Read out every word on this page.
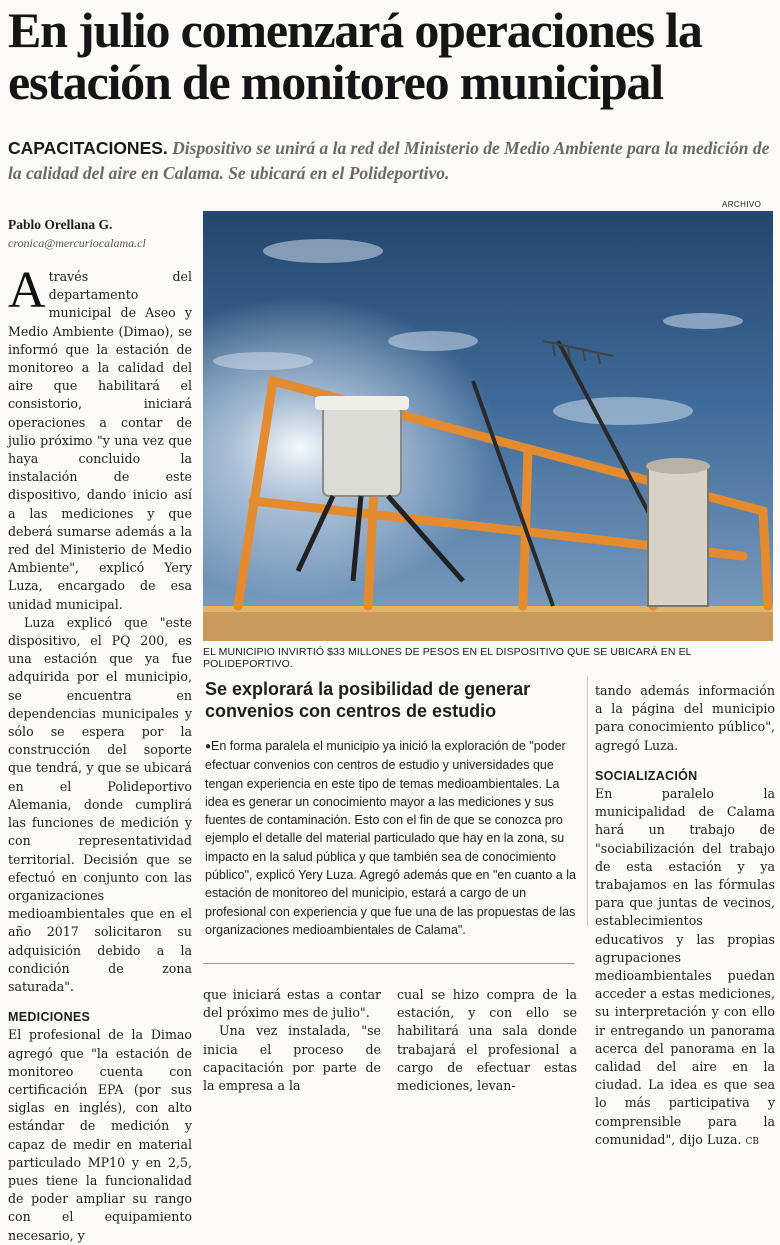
En julio comenzará operaciones la estación de monitoreo municipal
CAPACITACIONES. Dispositivo se unirá a la red del Ministerio de Medio Ambiente para la medición de la calidad del aire en Calama. Se ubicará en el Polideportivo.
Pablo Orellana G.
cronica@mercuriocalama.cl

Através del departamento municipal de Aseo y Medio Ambiente (Dimao), se informó que la estación de monitoreo a la calidad del aire que habilitará el consistorio, iniciará operaciones a contar de julio próximo "y una vez que haya concluido la instalación de este dispositivo, dando inicio así a las mediciones y que deberá sumarse además a la red del Ministerio de Medio Ambiente", explicó Yery Luza, encargado de esa unidad municipal.

Luza explicó que "este dispositivo, el PQ 200, es una estación que ya fue adquirida por el municipio, se encuentra en dependencias municipales y sólo se espera por la construcción del soporte que tendrá, y que se ubicará en el Polideportivo Alemania, donde cumplirá las funciones de medición y con representatividad territorial. Decisión que se efectuó en conjunto con las organizaciones medioambientales que en el año 2017 solicitaron su adquisición debido a la condición de zona saturada".

MEDICIONES

El profesional de la Dimao agregó que "la estación de monitoreo cuenta con certificación EPA (por sus siglas en inglés), con alto estándar de medición y capaz de medir en material particulado MP10 y en 2,5, pues tiene la funcionalidad de poder ampliar su rango con el equipamiento necesario, y

ARCHIVO
EL MUNICIPIO INVIRTIÓ $33 MILLONES DE PESOS EN EL DISPOSITIVO QUE SE UBICARÁ EN EL POLIDEPORTIVO.
Se explorará la posibilidad de generar convenios con centros de estudio
●En forma paralela el municipio ya inició la exploración de "poder efectuar convenios con centros de estudio y universidades que tengan experiencia en este tipo de temas medioambientales. La idea es generar un conocimiento mayor a las mediciones y sus fuentes de contaminación. Esto con el fin de que se conozca pro ejemplo el detalle del material particulado que hay en la zona, su impacto en la salud pública y que también sea de conocimiento público", explicó Yery Luza. Agregó además que en "en cuanto a la estación de monitoreo del municipio, estará a cargo de un profesional con experiencia y que fue una de las propuestas de las organizaciones medioambientales de Calama".

que iniciará estas a contar del próximo mes de julio".

Una vez instalada, "se inicia el proceso de capacitación por parte de la empresa a la

cual se hizo compra de la estación, y con ello se habilitará una sala donde trabajará el profesional a cargo de efectuar estas mediciones, levan-

tando además información a la página del municipio para conocimiento público", agregó Luza.

SOCIALIZACIÓN

En paralelo la municipalidad de Calama hará un trabajo de "sociabilización del trabajo de esta estación y ya trabajamos en las fórmulas para que juntas de vecinos, establecimientos educativos y las propias agrupaciones medioambientales puedan acceder a estas mediciones, su interpretación y con ello ir entregando un panorama acerca del panorama en la calidad del aire en la ciudad. La idea es que sea lo más participativa y comprensible para la comunidad", dijo Luza. CB
